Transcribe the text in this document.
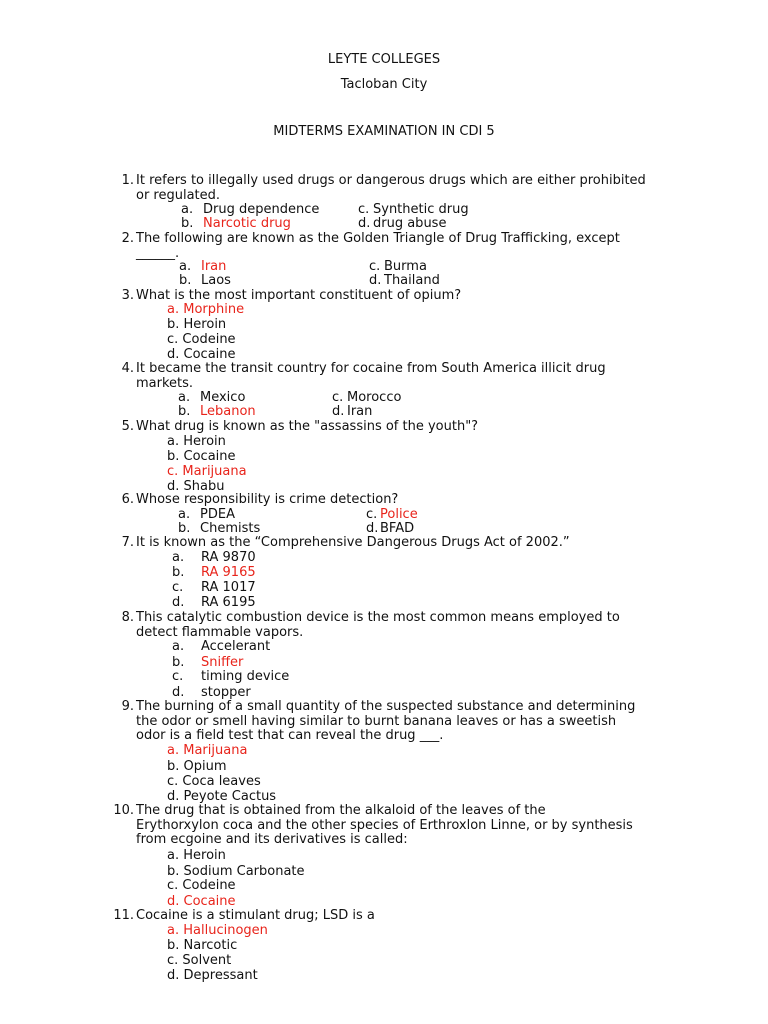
LEYTE COLLEGES
Tacloban City
MIDTERMS EXAMINATION IN CDI 5
1. It refers to illegally used drugs or dangerous drugs which are either prohibited
or regulated.
a. Drug dependence	c. Synthetic drug
b. Narcotic drug	d. drug abuse
2. The following are known as the Golden Triangle of Drug Trafficking, except
______.
a. Iran	c. Burma
b. Laos	d. Thailand
3. What is the most important constituent of opium?
a. Morphine
b. Heroin
c. Codeine
d. Cocaine
4. It became the transit country for cocaine from South America illicit drug
markets.
a. Mexico	c. Morocco
b. Lebanon	d. Iran
5. What drug is known as the "assassins of the youth"?
a. Heroin
b. Cocaine
c. Marijuana
d. Shabu
6. Whose responsibility is crime detection?
a. PDEA	c. Police
b. Chemists	d. BFAD
7. It is known as the “Comprehensive Dangerous Drugs Act of 2002.”
a. RA 9870
b. RA 9165
c. RA 1017
d. RA 6195
8. This catalytic combustion device is the most common means employed to
detect flammable vapors.
a. Accelerant
b. Sniffer
c. timing device
d. stopper
9. The burning of a small quantity of the suspected substance and determining
the odor or smell having similar to burnt banana leaves or has a sweetish
odor is a field test that can reveal the drug ___.
a. Marijuana
b. Opium
c. Coca leaves
d. Peyote Cactus
10. The drug that is obtained from the alkaloid of the leaves of the
Erythorxylon coca and the other species of Erthroxlon Linne, or by synthesis
from ecgoine and its derivatives is called:
a. Heroin
b. Sodium Carbonate
c. Codeine
d. Cocaine
11. Cocaine is a stimulant drug; LSD is a
a. Hallucinogen
b. Narcotic
c. Solvent
d. Depressant
